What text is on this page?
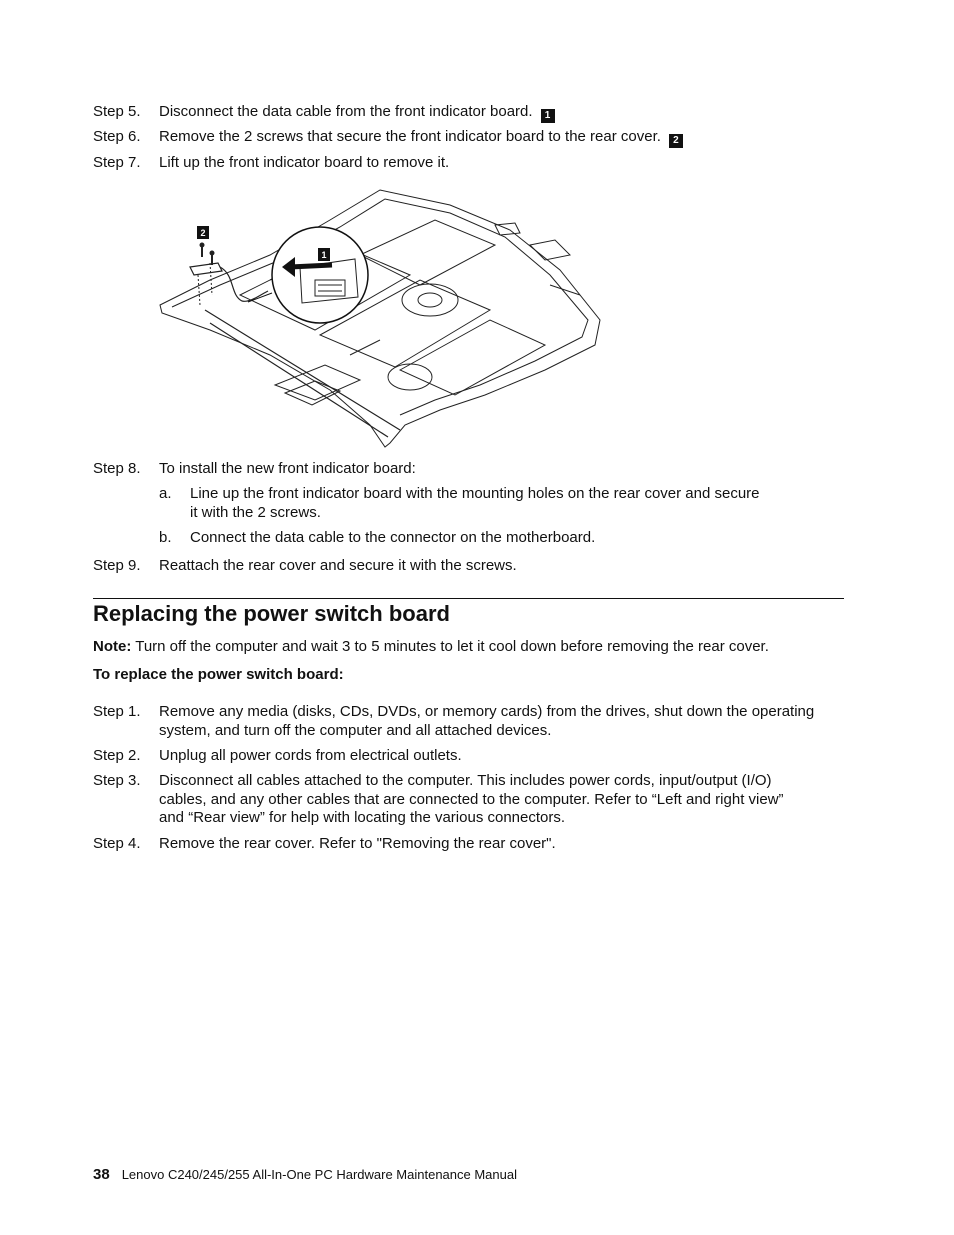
Step 5. Disconnect the data cable from the front indicator board. 1
Step 6. Remove the 2 screws that secure the front indicator board to the rear cover. 2
Step 7. Lift up the front indicator board to remove it.
1
2
Step 8. To install the new front indicator board:
a. Line up the front indicator board with the mounting holes on the rear cover and secure
it with the 2 screws.
b. Connect the data cable to the connector on the motherboard.
Step 9. Reattach the rear cover and secure it with the screws.
Replacing the power switch board
Note: Turn off the computer and wait 3 to 5 minutes to let it cool down before removing the rear cover.
To replace the power switch board:
Step 1. Remove any media (disks, CDs, DVDs, or memory cards) from the drives, shut down the operating
system, and turn off the computer and all attached devices.
Step 2. Unplug all power cords from electrical outlets.
Step 3. Disconnect all cables attached to the computer. This includes power cords, input/output (I/O)
cables, and any other cables that are connected to the computer. Refer to “Left and right view”
and “Rear view” for help with locating the various connectors.
Step 4. Remove the rear cover. Refer to "Removing the rear cover".
38 Lenovo C240/245/255 All-In-One PC Hardware Maintenance Manual
